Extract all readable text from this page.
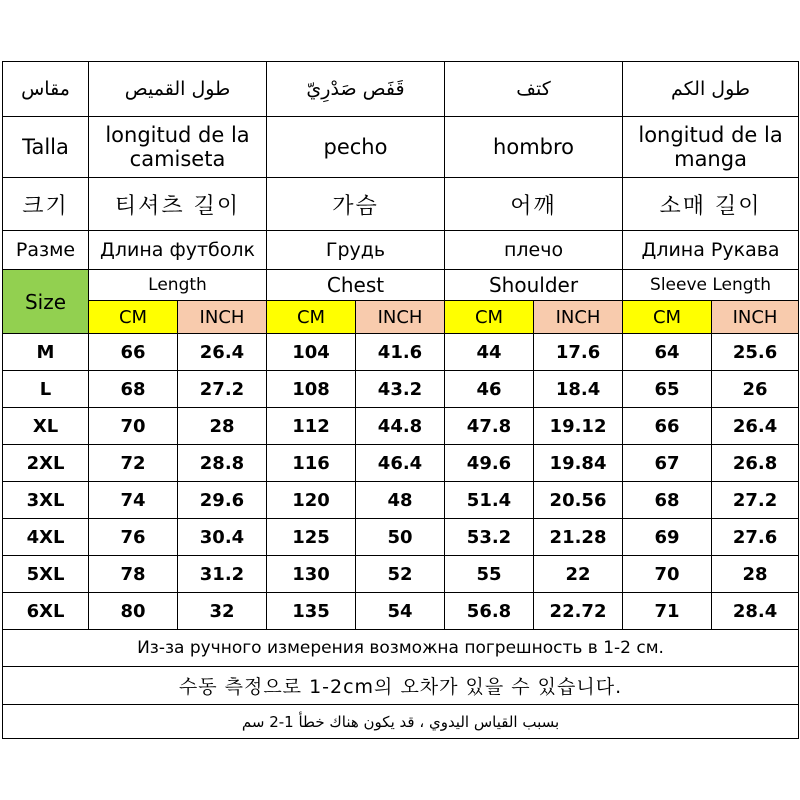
مقاس	طول القميص		قَفَص صَدْرِيّ		كتف		طول الكم	
Talla	longitud de la camiseta		pecho		hombro		longitud de la manga	
크기	티셔츠 길이		가슴		어깨		소매 길이	
Разме	Длина футболк		Грудь		плечо		Длина Рукава	
Size	Length		Chest		Shoulder		Sleeve Length	
	CM	INCH	CM	INCH	CM	INCH	CM	INCH
M	66	26.4	104	41.6	44	17.6	64	25.6
L	68	27.2	108	43.2	46	18.4	65	26
XL	70	28	112	44.8	47.8	19.12	66	26.4
2XL	72	28.8	116	46.4	49.6	19.84	67	26.8
3XL	74	29.6	120	48	51.4	20.56	68	27.2
4XL	76	30.4	125	50	53.2	21.28	69	27.6
5XL	78	31.2	130	52	55	22	70	28
6XL	80	32	135	54	56.8	22.72	71	28.4
Из-за ручного измерения возможна погрешность в 1-2 см.								
수동 측정으로 1-2cm의 오차가 있을 수 있습니다.								
بسبب القياس اليدوي ، قد يكون هناك خطأ 1-2 سم								
